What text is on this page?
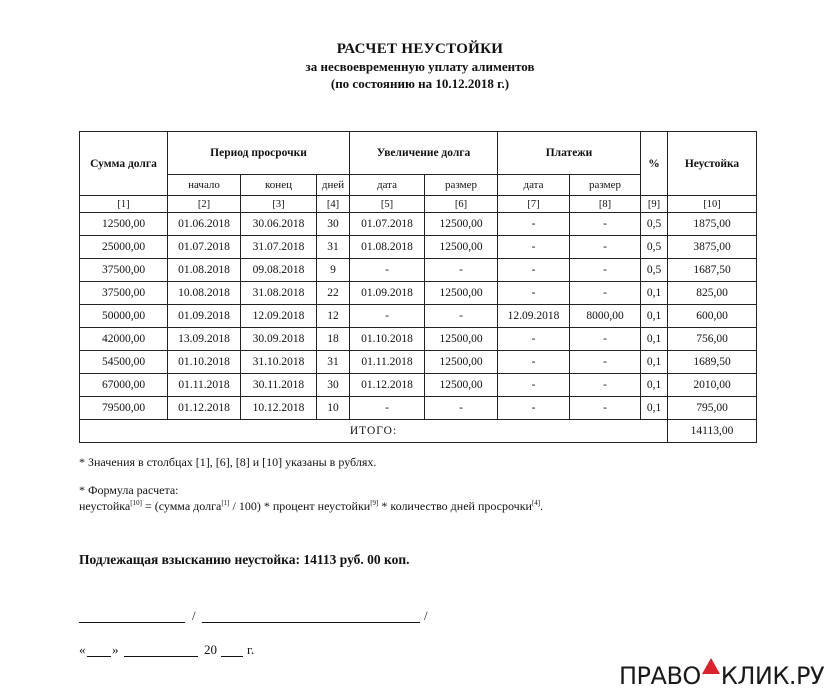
РАСЧЕТ НЕУСТОЙКИ
за несвоевременную уплату алиментов
(по состоянию на 10.12.2018 г.)
Сумма долга	Период просрочки			Увеличение долга		Платежи		%	Неустойка
	начало	конец	дней	дата	размер	дата	размер		
[1]	[2]	[3]	[4]	[5]	[6]	[7]	[8]	[9]	[10]
12500,00	01.06.2018	30.06.2018	30	01.07.2018	12500,00	-	-	0,5	1875,00
25000,00	01.07.2018	31.07.2018	31	01.08.2018	12500,00	-	-	0,5	3875,00
37500,00	01.08.2018	09.08.2018	9	-	-	-	-	0,5	1687,50
37500,00	10.08.2018	31.08.2018	22	01.09.2018	12500,00	-	-	0,1	825,00
50000,00	01.09.2018	12.09.2018	12	-	-	12.09.2018	8000,00	0,1	600,00
42000,00	13.09.2018	30.09.2018	18	01.10.2018	12500,00	-	-	0,1	756,00
54500,00	01.10.2018	31.10.2018	31	01.11.2018	12500,00	-	-	0,1	1689,50
67000,00	01.11.2018	30.11.2018	30	01.12.2018	12500,00	-	-	0,1	2010,00
79500,00	01.12.2018	10.12.2018	10	-	-	-	-	0,1	795,00
ИТОГО:									14113,00
* Значения в столбцах [1], [6], [8] и [10] указаны в рублях.
* Формула расчета:
неустойка[10] = (сумма долга[1] / 100) * процент неустойки[9] * количество дней просрочки[4].
Подлежащая взысканию неустойка: 14113 руб. 00 коп.
/	/
« »	20 г.
ПРАВО КЛИК.РУ
